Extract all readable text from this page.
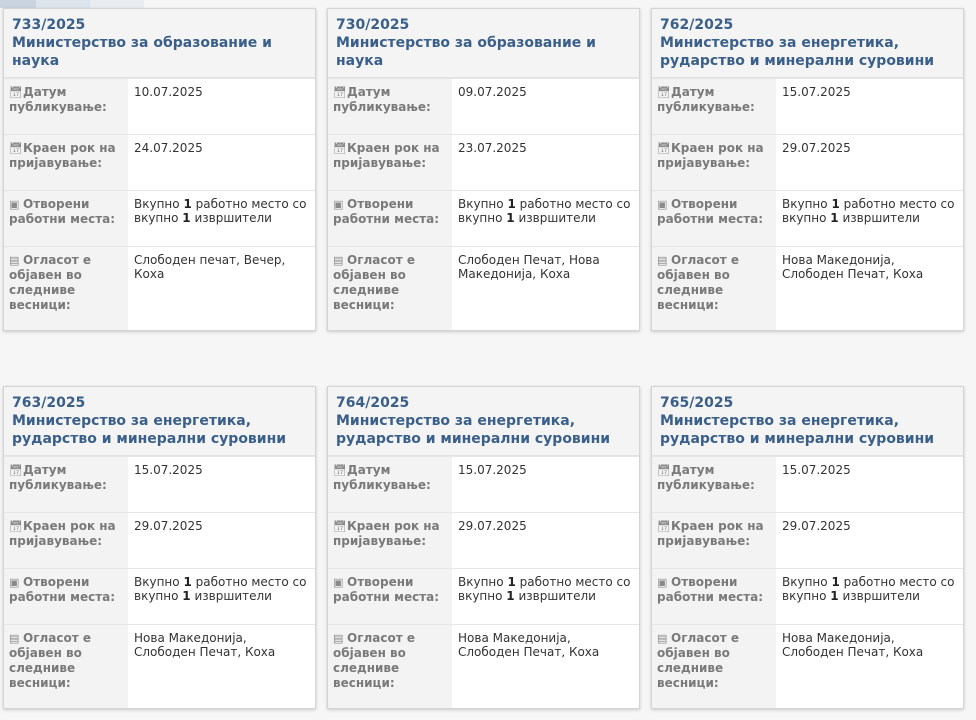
733/2025
Министерство за образование и наука
📅︎Датум публикување:
10.07.2025
📅︎Краен рок на пријавување:
24.07.2025
▣ Отворени работни места:
Вкупно 1 работно место со вкупно 1 извршители
▤ Огласот е објавен во следниве весници:
Слободен печат, Вечер, Коха
730/2025
Министерство за образование и наука
📅︎Датум публикување:
09.07.2025
📅︎Краен рок на пријавување:
23.07.2025
▣ Отворени работни места:
Вкупно 1 работно место со вкупно 1 извршители
▤ Огласот е објавен во следниве весници:
Слободен Печат, Нова Македонија, Коха
762/2025
Министерство за енергетика, рударство и минерални суровини
📅︎Датум публикување:
15.07.2025
📅︎Краен рок на пријавување:
29.07.2025
▣ Отворени работни места:
Вкупно 1 работно место со вкупно 1 извршители
▤ Огласот е објавен во следниве весници:
Нова Македонија, Слободен Печат, Коха
763/2025
Министерство за енергетика, рударство и минерални суровини
📅︎Датум публикување:
15.07.2025
📅︎Краен рок на пријавување:
29.07.2025
▣ Отворени работни места:
Вкупно 1 работно место со вкупно 1 извршители
▤ Огласот е објавен во следниве весници:
Нова Македонија, Слободен Печат, Коха
764/2025
Министерство за енергетика, рударство и минерални суровини
📅︎Датум публикување:
15.07.2025
📅︎Краен рок на пријавување:
29.07.2025
▣ Отворени работни места:
Вкупно 1 работно место со вкупно 1 извршители
▤ Огласот е објавен во следниве весници:
Нова Македонија, Слободен Печат, Коха
765/2025
Министерство за енергетика, рударство и минерални суровини
📅︎Датум публикување:
15.07.2025
📅︎Краен рок на пријавување:
29.07.2025
▣ Отворени работни места:
Вкупно 1 работно место со вкупно 1 извршители
▤ Огласот е објавен во следниве весници:
Нова Македонија, Слободен Печат, Коха
